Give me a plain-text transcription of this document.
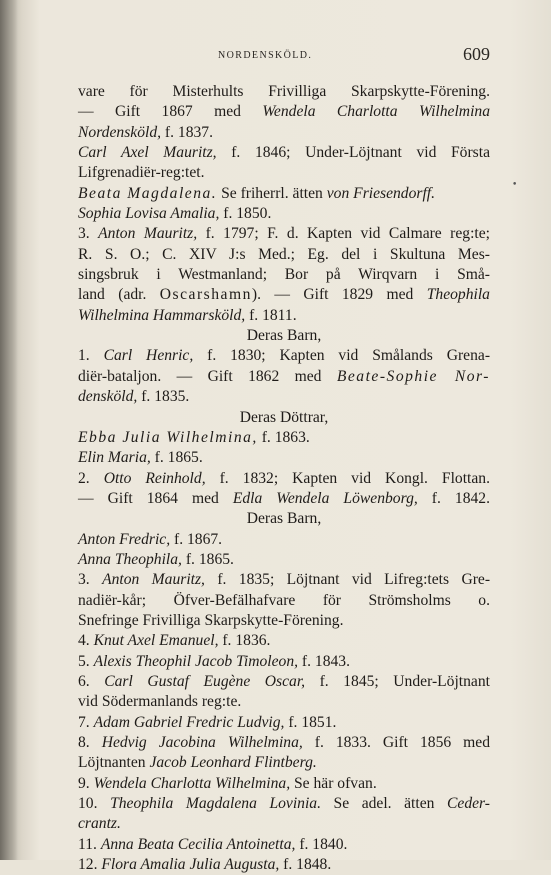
NORDENSKÖLD.	609
•
vare för Misterhults Frivilliga Skarpskytte-Förening.
— Gift 1867 med Wendela Charlotta Wilhelmina
Nordensköld, f. 1837.
Carl Axel Mauritz, f. 1846; Under-Löjtnant vid Första
Lifgrenadiër-reg:tet.
Beata Magdalena. Se friherrl. ätten von Friesendorff.
Sophia Lovisa Amalia, f. 1850.
3. Anton Mauritz, f. 1797; F. d. Kapten vid Calmare reg:te;
R. S. O.; C. XIV J:s Med.; Eg. del i Skultuna Mes-
singsbruk i Westmanland; Bor på Wirqvarn i Små-
land (adr. Oscarshamn). — Gift 1829 med Theophila
Wilhelmina Hammarsköld, f. 1811.
Deras Barn,
1. Carl Henric, f. 1830; Kapten vid Smålands Grena-
diër-bataljon. — Gift 1862 med Beate-Sophie Nor-
densköld, f. 1835.
Deras Döttrar,
Ebba Julia Wilhelmina, f. 1863.
Elin Maria, f. 1865.
2. Otto Reinhold, f. 1832; Kapten vid Kongl. Flottan.
— Gift 1864 med Edla Wendela Löwenborg, f. 1842.
Deras Barn,
Anton Fredric, f. 1867.
Anna Theophila, f. 1865.
3. Anton Mauritz, f. 1835; Löjtnant vid Lifreg:tets Gre-
nadiër-kår; Öfver-Befälhafvare för Strömsholms o.
Snefringe Frivilliga Skarpskytte-Förening.
4. Knut Axel Emanuel, f. 1836.
5. Alexis Theophil Jacob Timoleon, f. 1843.
6. Carl Gustaf Eugène Oscar, f. 1845; Under-Löjtnant
vid Södermanlands reg:te.
7. Adam Gabriel Fredric Ludvig, f. 1851.
8. Hedvig Jacobina Wilhelmina, f. 1833. Gift 1856 med
Löjtnanten Jacob Leonhard Flintberg.
9. Wendela Charlotta Wilhelmina, Se här ofvan.
10. Theophila Magdalena Lovinia. Se adel. ätten Ceder-
crantz.
11. Anna Beata Cecilia Antoinetta, f. 1840.
12. Flora Amalia Julia Augusta, f. 1848.
